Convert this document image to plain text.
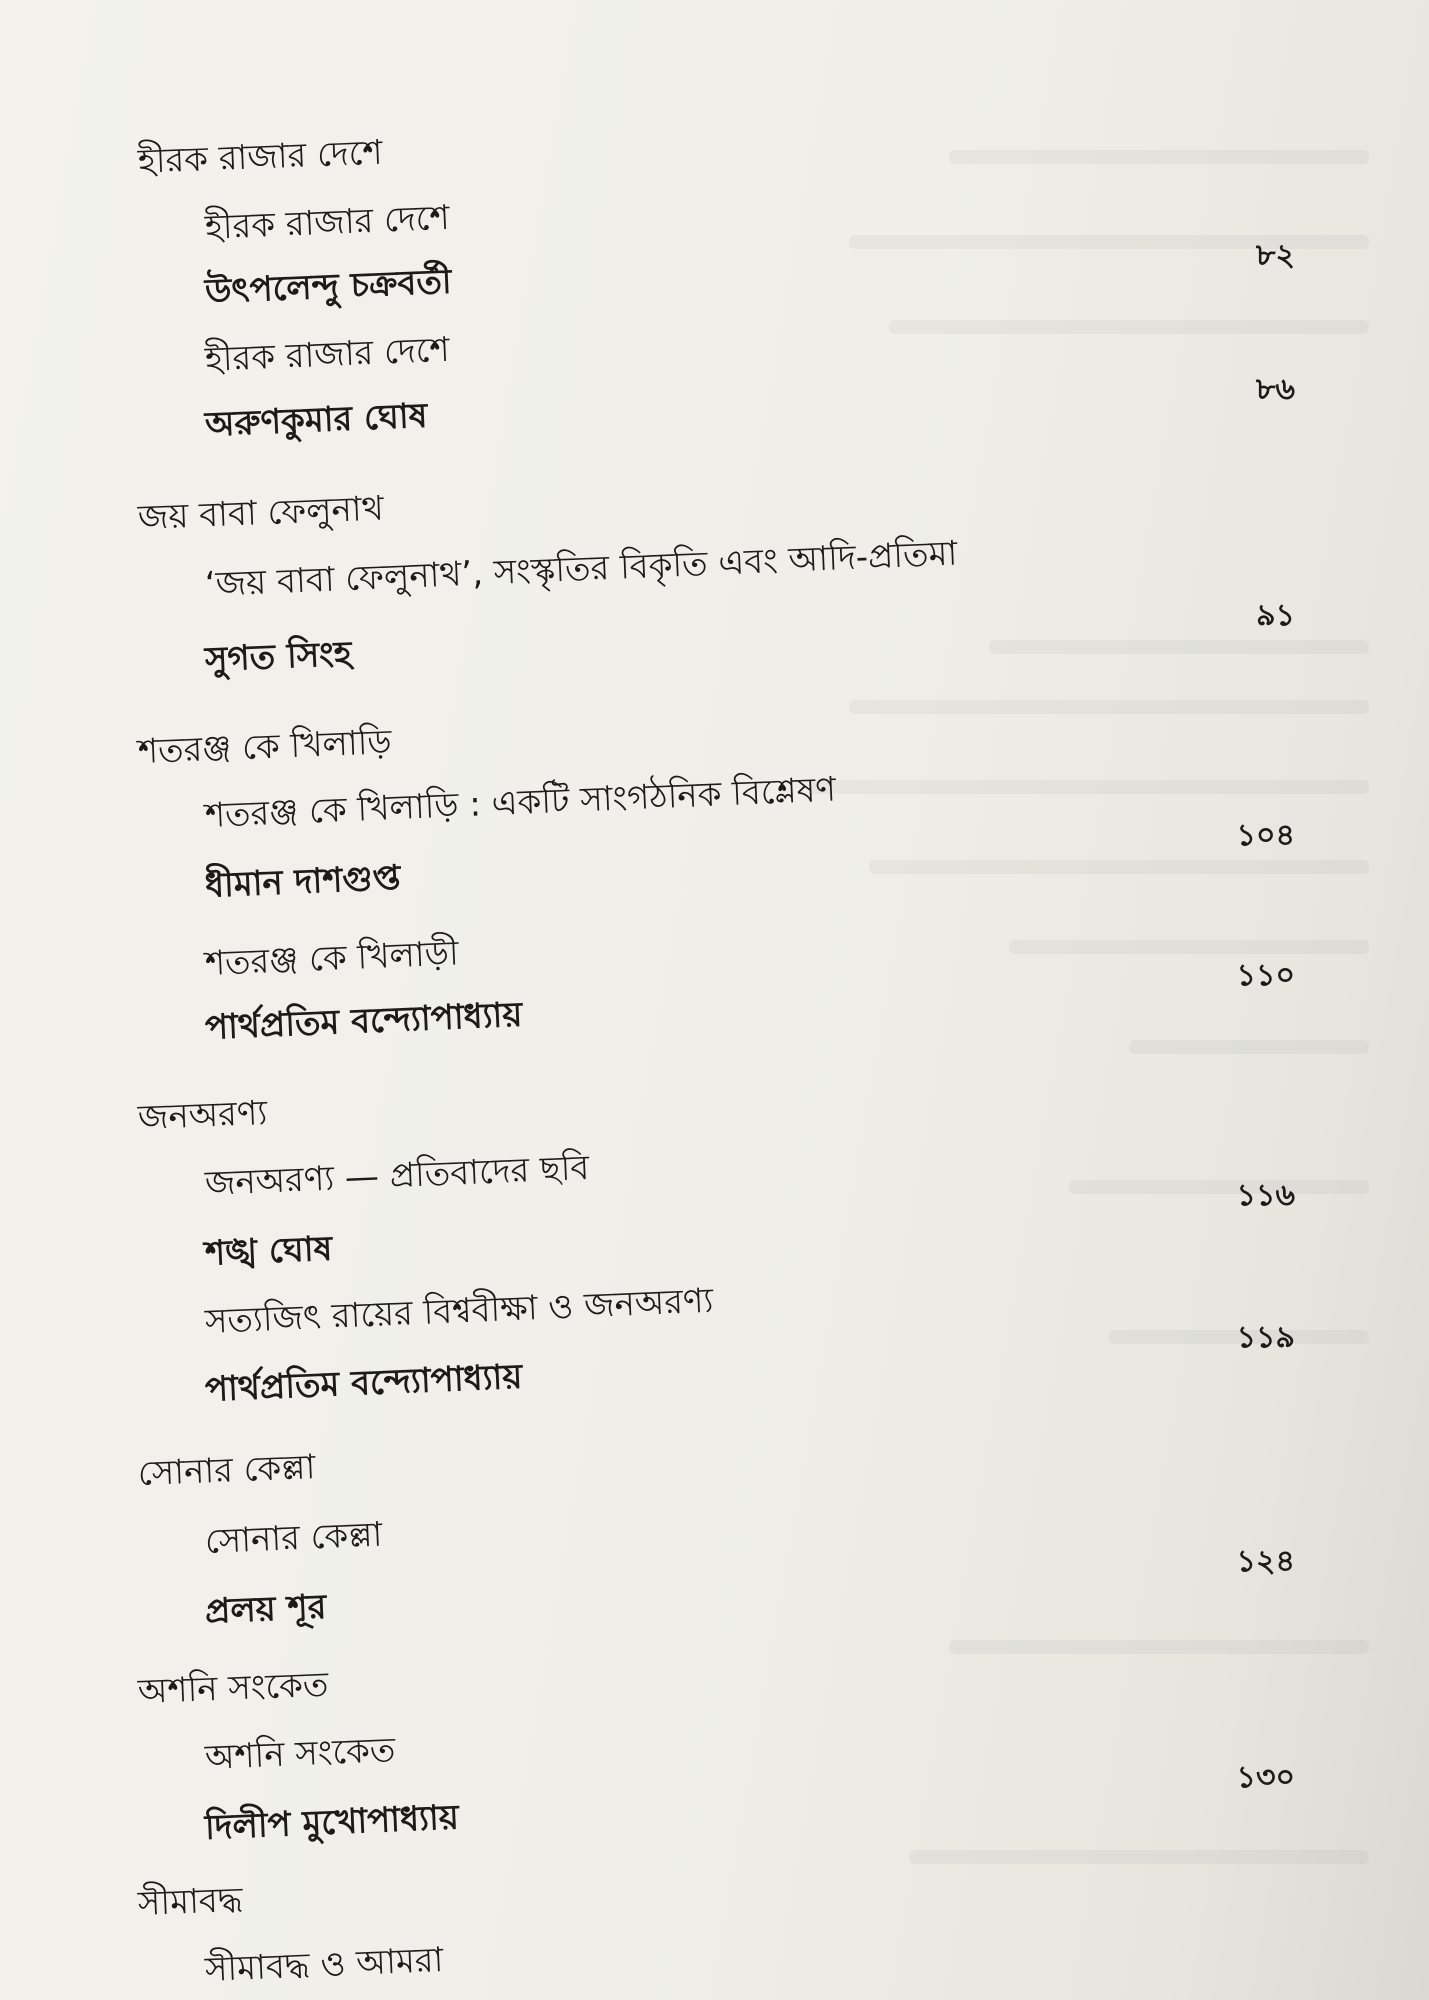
হীরক রাজার দেশে
হীরক রাজার দেশে
উৎপলেন্দু চক্রবর্তী
৮২
হীরক রাজার দেশে
অরুণকুমার ঘোষ
৮৬
জয় বাবা ফেলুনাথ
‘জয় বাবা ফেলুনাথ’, সংস্কৃতির বিকৃতি এবং আদি-প্রতিমা
সুগত সিংহ
৯১
শতরঞ্জ কে খিলাড়ি
শতরঞ্জ কে খিলাড়ি : একটি সাংগঠনিক বিশ্লেষণ
ধীমান দাশগুপ্ত
১০৪
শতরঞ্জ কে খিলাড়ী
পার্থপ্রতিম বন্দ্যোপাধ্যায়
১১০
জনঅরণ্য
জনঅরণ্য — প্রতিবাদের ছবি
শঙ্খ ঘোষ
১১৬
সত্যজিৎ রায়ের বিশ্ববীক্ষা ও জনঅরণ্য
পার্থপ্রতিম বন্দ্যোপাধ্যায়
১১৯
সোনার কেল্লা
সোনার কেল্লা
প্রলয় শূর
১২৪
অশনি সংকেত
অশনি সংকেত
দিলীপ মুখোপাধ্যায়
১৩০
সীমাবদ্ধ
সীমাবদ্ধ ও আমরা
